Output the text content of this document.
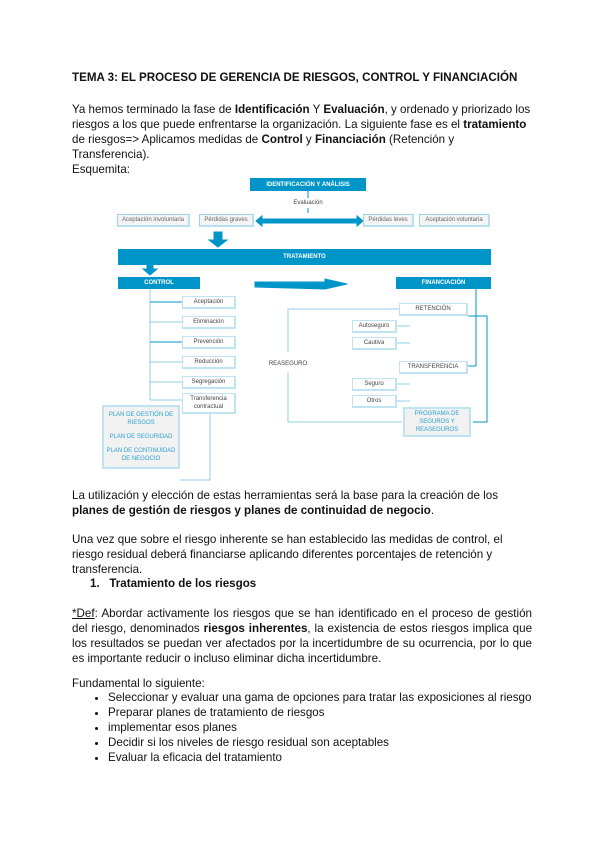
TEMA 3: EL PROCESO DE GERENCIA DE RIESGOS, CONTROL Y FINANCIACIÓN

Ya hemos terminado la fase de Identificación Y Evaluación, y ordenado y priorizado los riesgos a los que puede enfrentarse la organización. La siguiente fase es el tratamiento de riesgos=> Aplicamos medidas de Control y Financiación (Retención y Transferencia).
Esquemita:

IDENTIFICACIÓN Y ANÁLISIS
Evaluación
Aceptación involuntaria	Pérdidas graves	Pérdidas leves	Aceptación voluntaria
TRATAMIENTO
CONTROL	FINANCIACIÓN
Aceptación
Eliminación
Prevención
Reducción
Segregación
Transferencia contractual
PLAN DE GESTIÓN DE RIESGOS
PLAN DE SEGURIDAD
PLAN DE CONTINUIDAD DE NEGOCIO
RETENCIÓN
Autoseguro
Cautiva
TRANSFERENCIA
Seguro
Otros
REASEGURO
PROGRAMA DE SEGUROS Y REASEGUROS

La utilización y elección de estas herramientas será la base para la creación de los planes de gestión de riesgos y planes de continuidad de negocio.

Una vez que sobre el riesgo inherente se han establecido las medidas de control, el riesgo residual deberá financiarse aplicando diferentes porcentajes de retención y transferencia.

1. Tratamiento de los riesgos

*Def: Abordar activamente los riesgos que se han identificado en el proceso de gestión del riesgo, denominados riesgos inherentes, la existencia de estos riesgos implica que los resultados se puedan ver afectados por la incertidumbre de su ocurrencia, por lo que es importante reducir o incluso eliminar dicha incertidumbre.

Fundamental lo siguiente:

• Seleccionar y evaluar una gama de opciones para tratar las exposiciones al riesgo
• Preparar planes de tratamiento de riesgos
• implementar esos planes
• Decidir si los niveles de riesgo residual son aceptables
• Evaluar la eficacia del tratamiento
